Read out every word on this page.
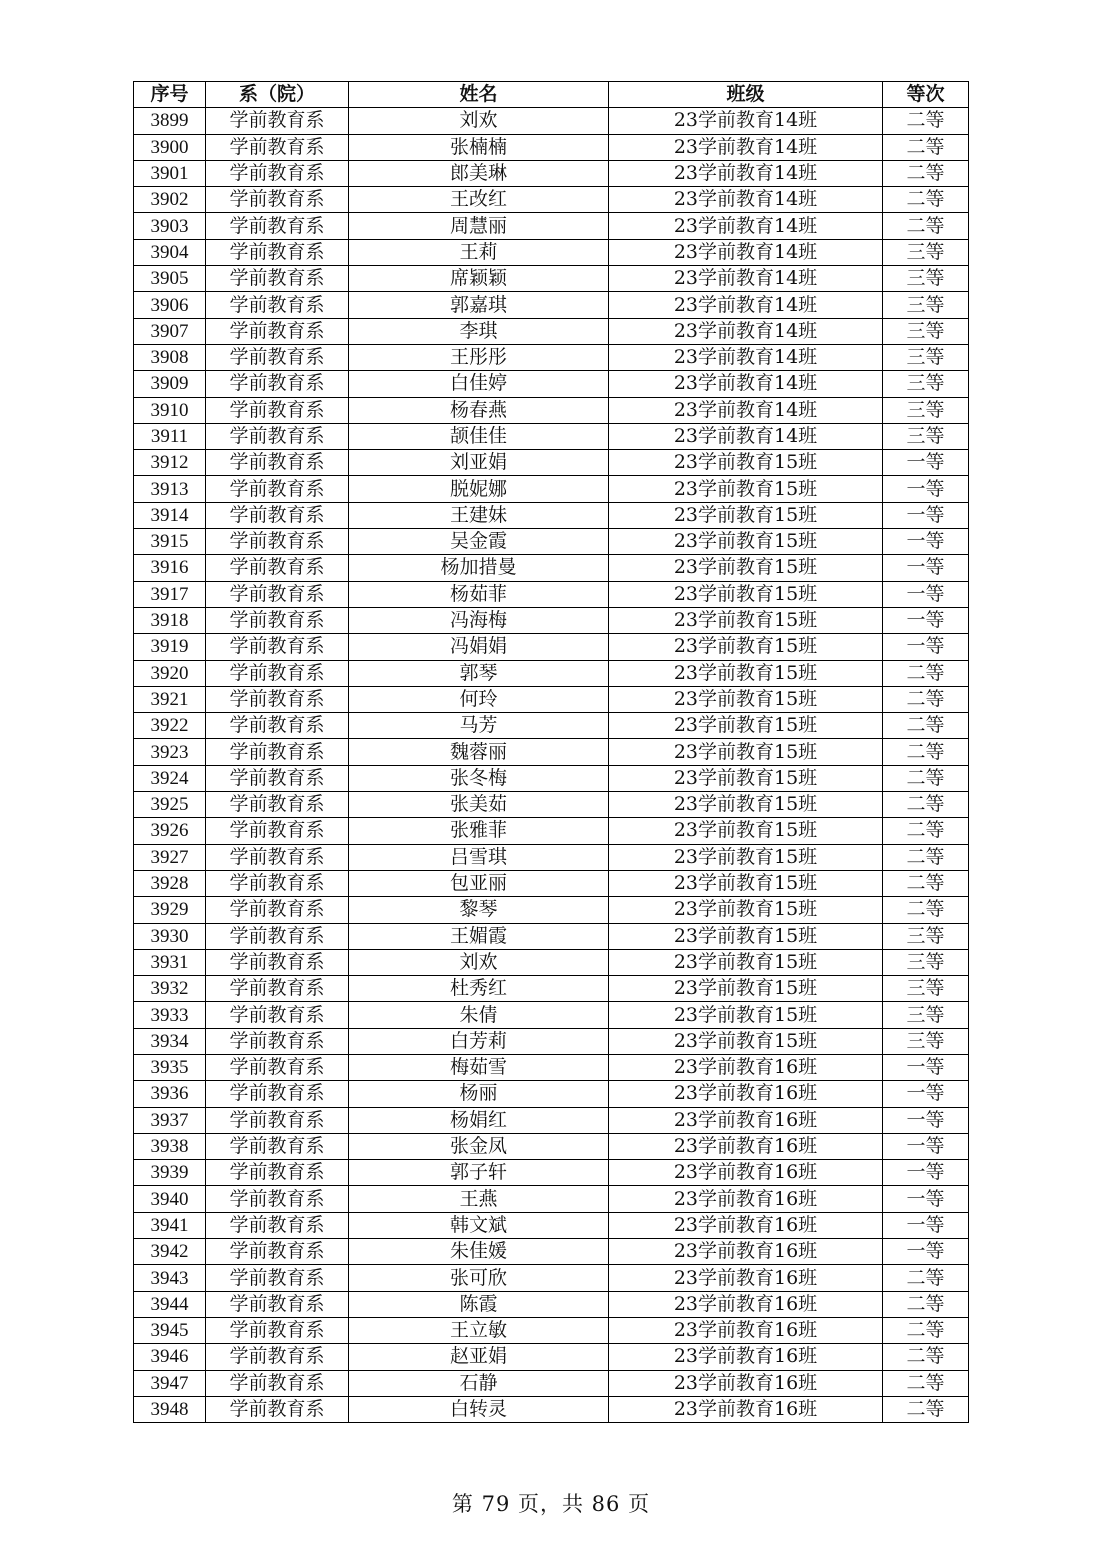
序号	系（院）	姓名	班级	等次
3899	学前教育系	刘欢	23学前教育14班	二等
3900	学前教育系	张楠楠	23学前教育14班	二等
3901	学前教育系	郎美琳	23学前教育14班	二等
3902	学前教育系	王改红	23学前教育14班	二等
3903	学前教育系	周慧丽	23学前教育14班	二等
3904	学前教育系	王莉	23学前教育14班	三等
3905	学前教育系	席颖颖	23学前教育14班	三等
3906	学前教育系	郭嘉琪	23学前教育14班	三等
3907	学前教育系	李琪	23学前教育14班	三等
3908	学前教育系	王彤彤	23学前教育14班	三等
3909	学前教育系	白佳婷	23学前教育14班	三等
3910	学前教育系	杨春燕	23学前教育14班	三等
3911	学前教育系	颉佳佳	23学前教育14班	三等
3912	学前教育系	刘亚娟	23学前教育15班	一等
3913	学前教育系	脱妮娜	23学前教育15班	一等
3914	学前教育系	王建妹	23学前教育15班	一等
3915	学前教育系	吴金霞	23学前教育15班	一等
3916	学前教育系	杨加措曼	23学前教育15班	一等
3917	学前教育系	杨茹菲	23学前教育15班	一等
3918	学前教育系	冯海梅	23学前教育15班	一等
3919	学前教育系	冯娟娟	23学前教育15班	一等
3920	学前教育系	郭琴	23学前教育15班	二等
3921	学前教育系	何玲	23学前教育15班	二等
3922	学前教育系	马芳	23学前教育15班	二等
3923	学前教育系	魏蓉丽	23学前教育15班	二等
3924	学前教育系	张冬梅	23学前教育15班	二等
3925	学前教育系	张美茹	23学前教育15班	二等
3926	学前教育系	张雅菲	23学前教育15班	二等
3927	学前教育系	吕雪琪	23学前教育15班	二等
3928	学前教育系	包亚丽	23学前教育15班	二等
3929	学前教育系	黎琴	23学前教育15班	二等
3930	学前教育系	王媚霞	23学前教育15班	三等
3931	学前教育系	刘欢	23学前教育15班	三等
3932	学前教育系	杜秀红	23学前教育15班	三等
3933	学前教育系	朱倩	23学前教育15班	三等
3934	学前教育系	白芳莉	23学前教育15班	三等
3935	学前教育系	梅茹雪	23学前教育16班	一等
3936	学前教育系	杨丽	23学前教育16班	一等
3937	学前教育系	杨娟红	23学前教育16班	一等
3938	学前教育系	张金凤	23学前教育16班	一等
3939	学前教育系	郭子轩	23学前教育16班	一等
3940	学前教育系	王燕	23学前教育16班	一等
3941	学前教育系	韩文斌	23学前教育16班	一等
3942	学前教育系	朱佳媛	23学前教育16班	一等
3943	学前教育系	张可欣	23学前教育16班	二等
3944	学前教育系	陈霞	23学前教育16班	二等
3945	学前教育系	王立敏	23学前教育16班	二等
3946	学前教育系	赵亚娟	23学前教育16班	二等
3947	学前教育系	石静	23学前教育16班	二等
3948	学前教育系	白转灵	23学前教育16班	二等
第 79 页，共 86 页
